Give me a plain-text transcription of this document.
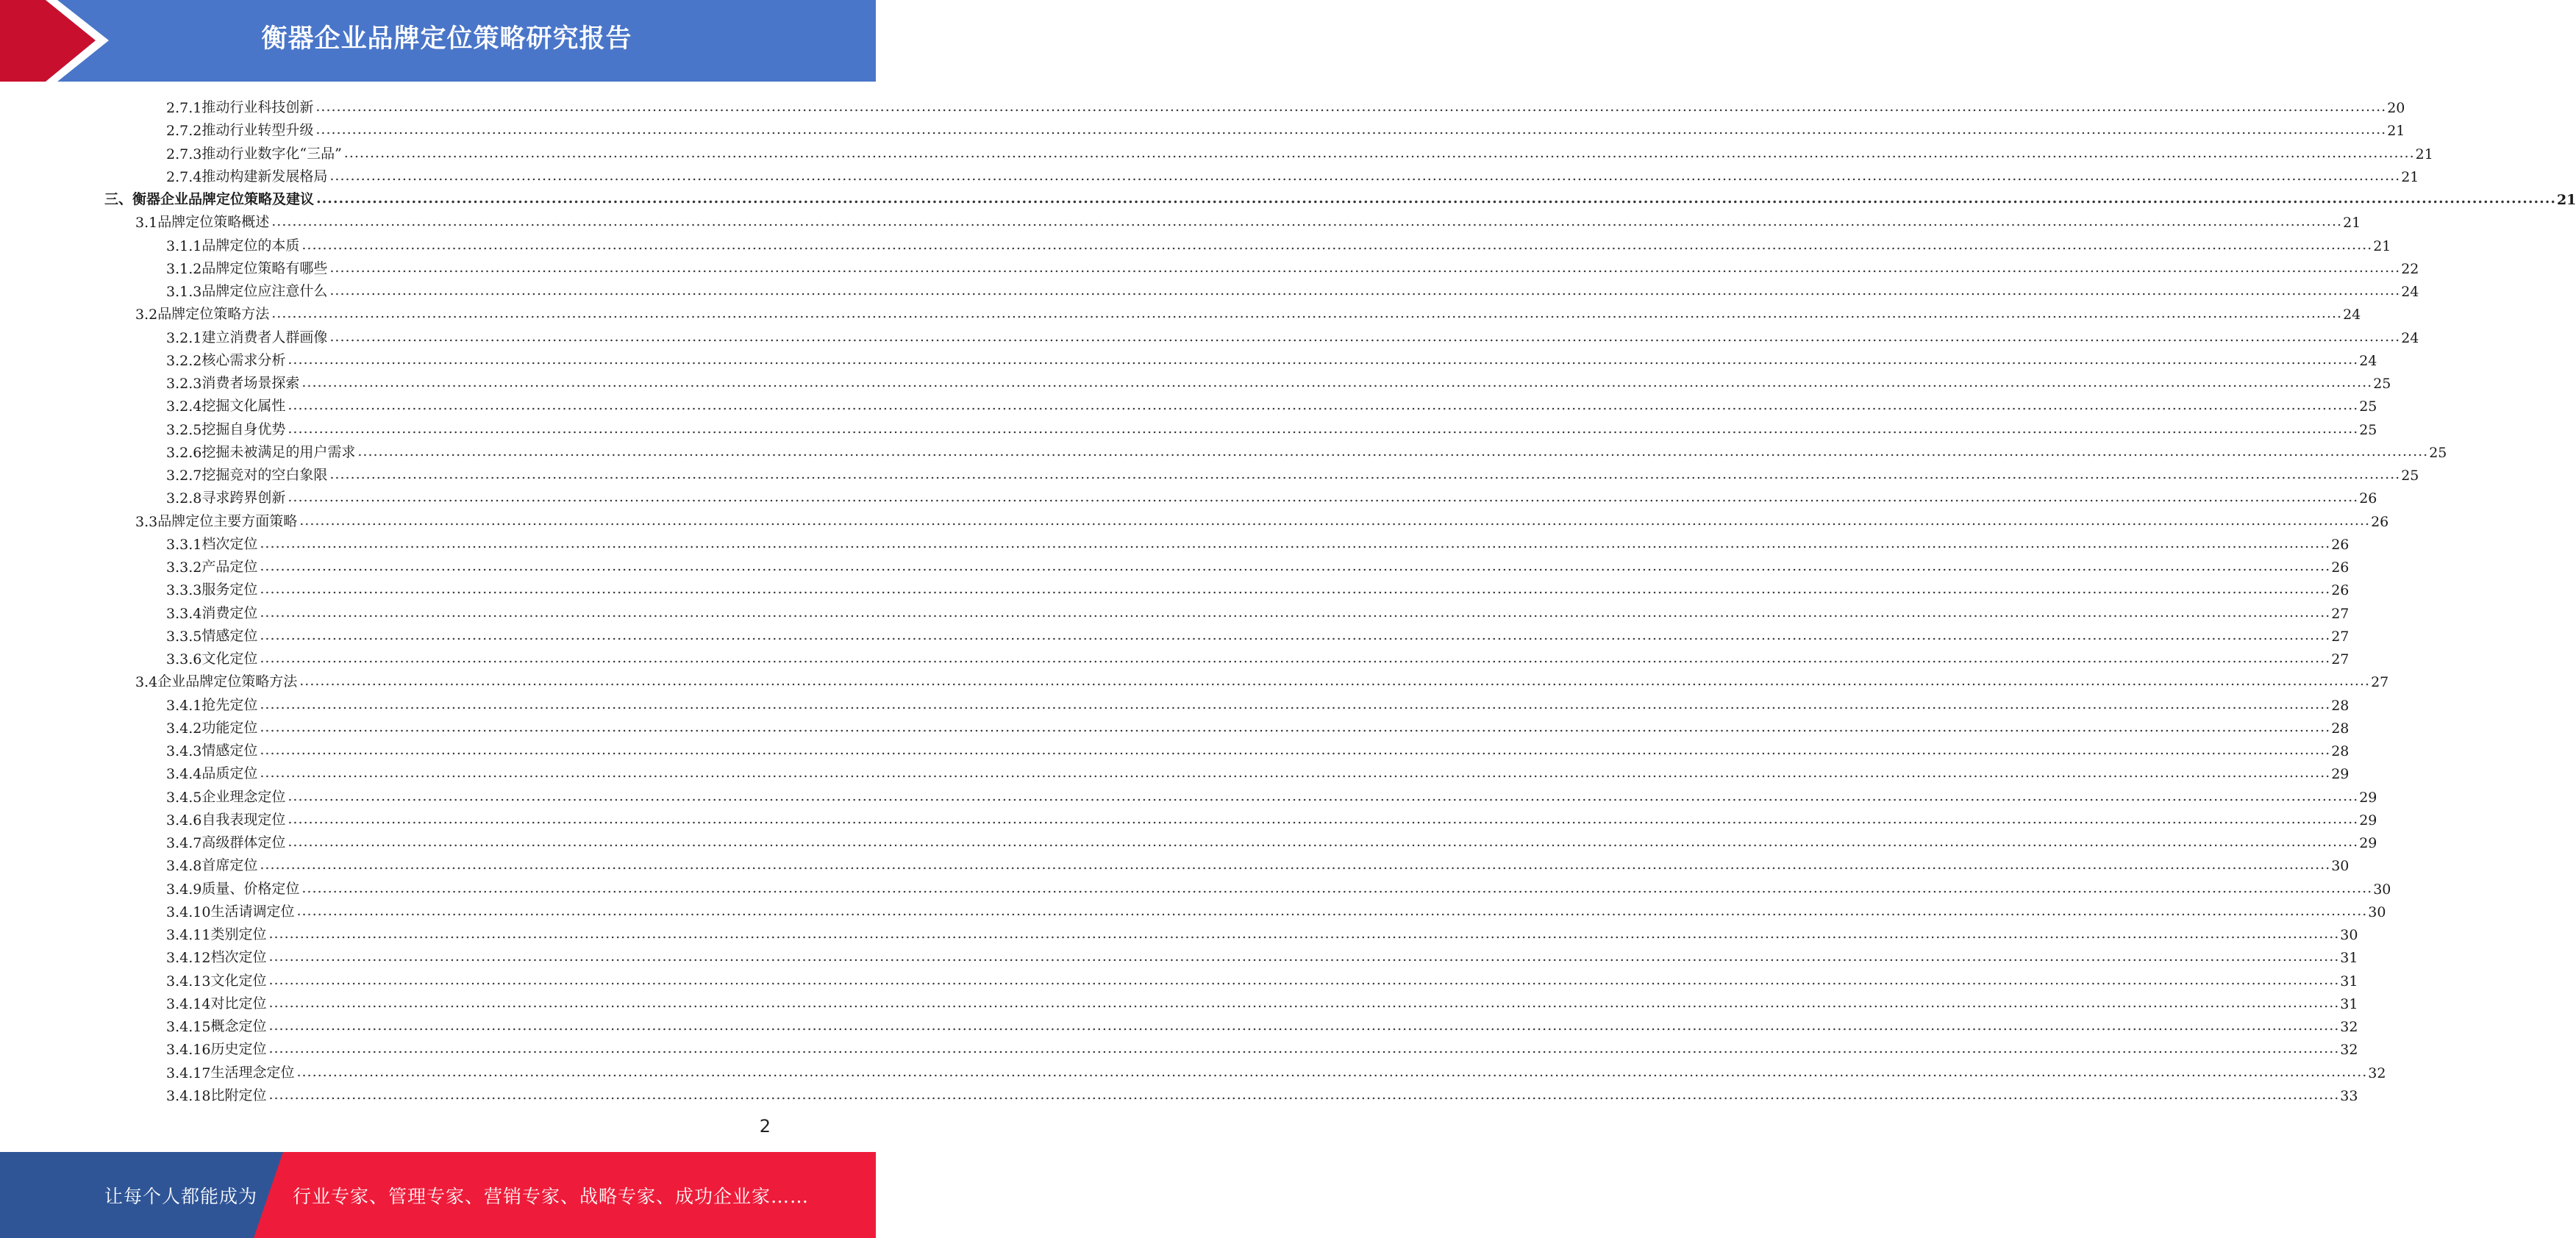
衡器企业品牌定位策略研究报告
2.7.1 推动行业科技创新 ................................................................................................................................................................................................................................................................................................................................................................................................................ 20
2.7.2 推动行业转型升级 ................................................................................................................................................................................................................................................................................................................................................................................................................ 21
2.7.3 推动行业数字化“三品” ................................................................................................................................................................................................................................................................................................................................................................................................................ 21
2.7.4 推动构建新发展格局 ................................................................................................................................................................................................................................................................................................................................................................................................................ 21
三、 衡器企业品牌定位策略及建议 ................................................................................................................................................................................................................................................................................................................................................................................................................ 21
3.1 品牌定位策略概述 ................................................................................................................................................................................................................................................................................................................................................................................................................ 21
3.1.1 品牌定位的本质 ................................................................................................................................................................................................................................................................................................................................................................................................................ 21
3.1.2 品牌定位策略有哪些 ................................................................................................................................................................................................................................................................................................................................................................................................................ 22
3.1.3 品牌定位应注意什么 ................................................................................................................................................................................................................................................................................................................................................................................................................ 24
3.2 品牌定位策略方法 ................................................................................................................................................................................................................................................................................................................................................................................................................ 24
3.2.1 建立消费者人群画像 ................................................................................................................................................................................................................................................................................................................................................................................................................ 24
3.2.2 核心需求分析 ................................................................................................................................................................................................................................................................................................................................................................................................................ 24
3.2.3 消费者场景探索 ................................................................................................................................................................................................................................................................................................................................................................................................................ 25
3.2.4 挖掘文化属性 ................................................................................................................................................................................................................................................................................................................................................................................................................ 25
3.2.5 挖掘自身优势 ................................................................................................................................................................................................................................................................................................................................................................................................................ 25
3.2.6 挖掘未被满足的用户需求 ................................................................................................................................................................................................................................................................................................................................................................................................................ 25
3.2.7 挖掘竞对的空白象限 ................................................................................................................................................................................................................................................................................................................................................................................................................ 25
3.2.8 寻求跨界创新 ................................................................................................................................................................................................................................................................................................................................................................................................................ 26
3.3 品牌定位主要方面策略 ................................................................................................................................................................................................................................................................................................................................................................................................................ 26
3.3.1 档次定位 ................................................................................................................................................................................................................................................................................................................................................................................................................ 26
3.3.2 产品定位 ................................................................................................................................................................................................................................................................................................................................................................................................................ 26
3.3.3 服务定位 ................................................................................................................................................................................................................................................................................................................................................................................................................ 26
3.3.4 消费定位 ................................................................................................................................................................................................................................................................................................................................................................................................................ 27
3.3.5 情感定位 ................................................................................................................................................................................................................................................................................................................................................................................................................ 27
3.3.6 文化定位 ................................................................................................................................................................................................................................................................................................................................................................................................................ 27
3.4 企业品牌定位策略方法 ................................................................................................................................................................................................................................................................................................................................................................................................................ 27
3.4.1 抢先定位 ................................................................................................................................................................................................................................................................................................................................................................................................................ 28
3.4.2 功能定位 ................................................................................................................................................................................................................................................................................................................................................................................................................ 28
3.4.3 情感定位 ................................................................................................................................................................................................................................................................................................................................................................................................................ 28
3.4.4 品质定位 ................................................................................................................................................................................................................................................................................................................................................................................................................ 29
3.4.5 企业理念定位 ................................................................................................................................................................................................................................................................................................................................................................................................................ 29
3.4.6 自我表现定位 ................................................................................................................................................................................................................................................................................................................................................................................................................ 29
3.4.7 高级群体定位 ................................................................................................................................................................................................................................................................................................................................................................................................................ 29
3.4.8 首席定位 ................................................................................................................................................................................................................................................................................................................................................................................................................ 30
3.4.9 质量、价格定位 ................................................................................................................................................................................................................................................................................................................................................................................................................ 30
3.4.10 生活请调定位 ................................................................................................................................................................................................................................................................................................................................................................................................................ 30
3.4.11 类别定位 ................................................................................................................................................................................................................................................................................................................................................................................................................ 30
3.4.12 档次定位 ................................................................................................................................................................................................................................................................................................................................................................................................................ 31
3.4.13 文化定位 ................................................................................................................................................................................................................................................................................................................................................................................................................ 31
3.4.14 对比定位 ................................................................................................................................................................................................................................................................................................................................................................................................................ 31
3.4.15 概念定位 ................................................................................................................................................................................................................................................................................................................................................................................................................ 32
3.4.16 历史定位 ................................................................................................................................................................................................................................................................................................................................................................................................................ 32
3.4.17 生活理念定位 ................................................................................................................................................................................................................................................................................................................................................................................................................ 32
3.4.18 比附定位 ................................................................................................................................................................................................................................................................................................................................................................................................................ 33
2
让每个人都能成为 行业专家、管理专家、营销专家、战略专家、成功企业家……
